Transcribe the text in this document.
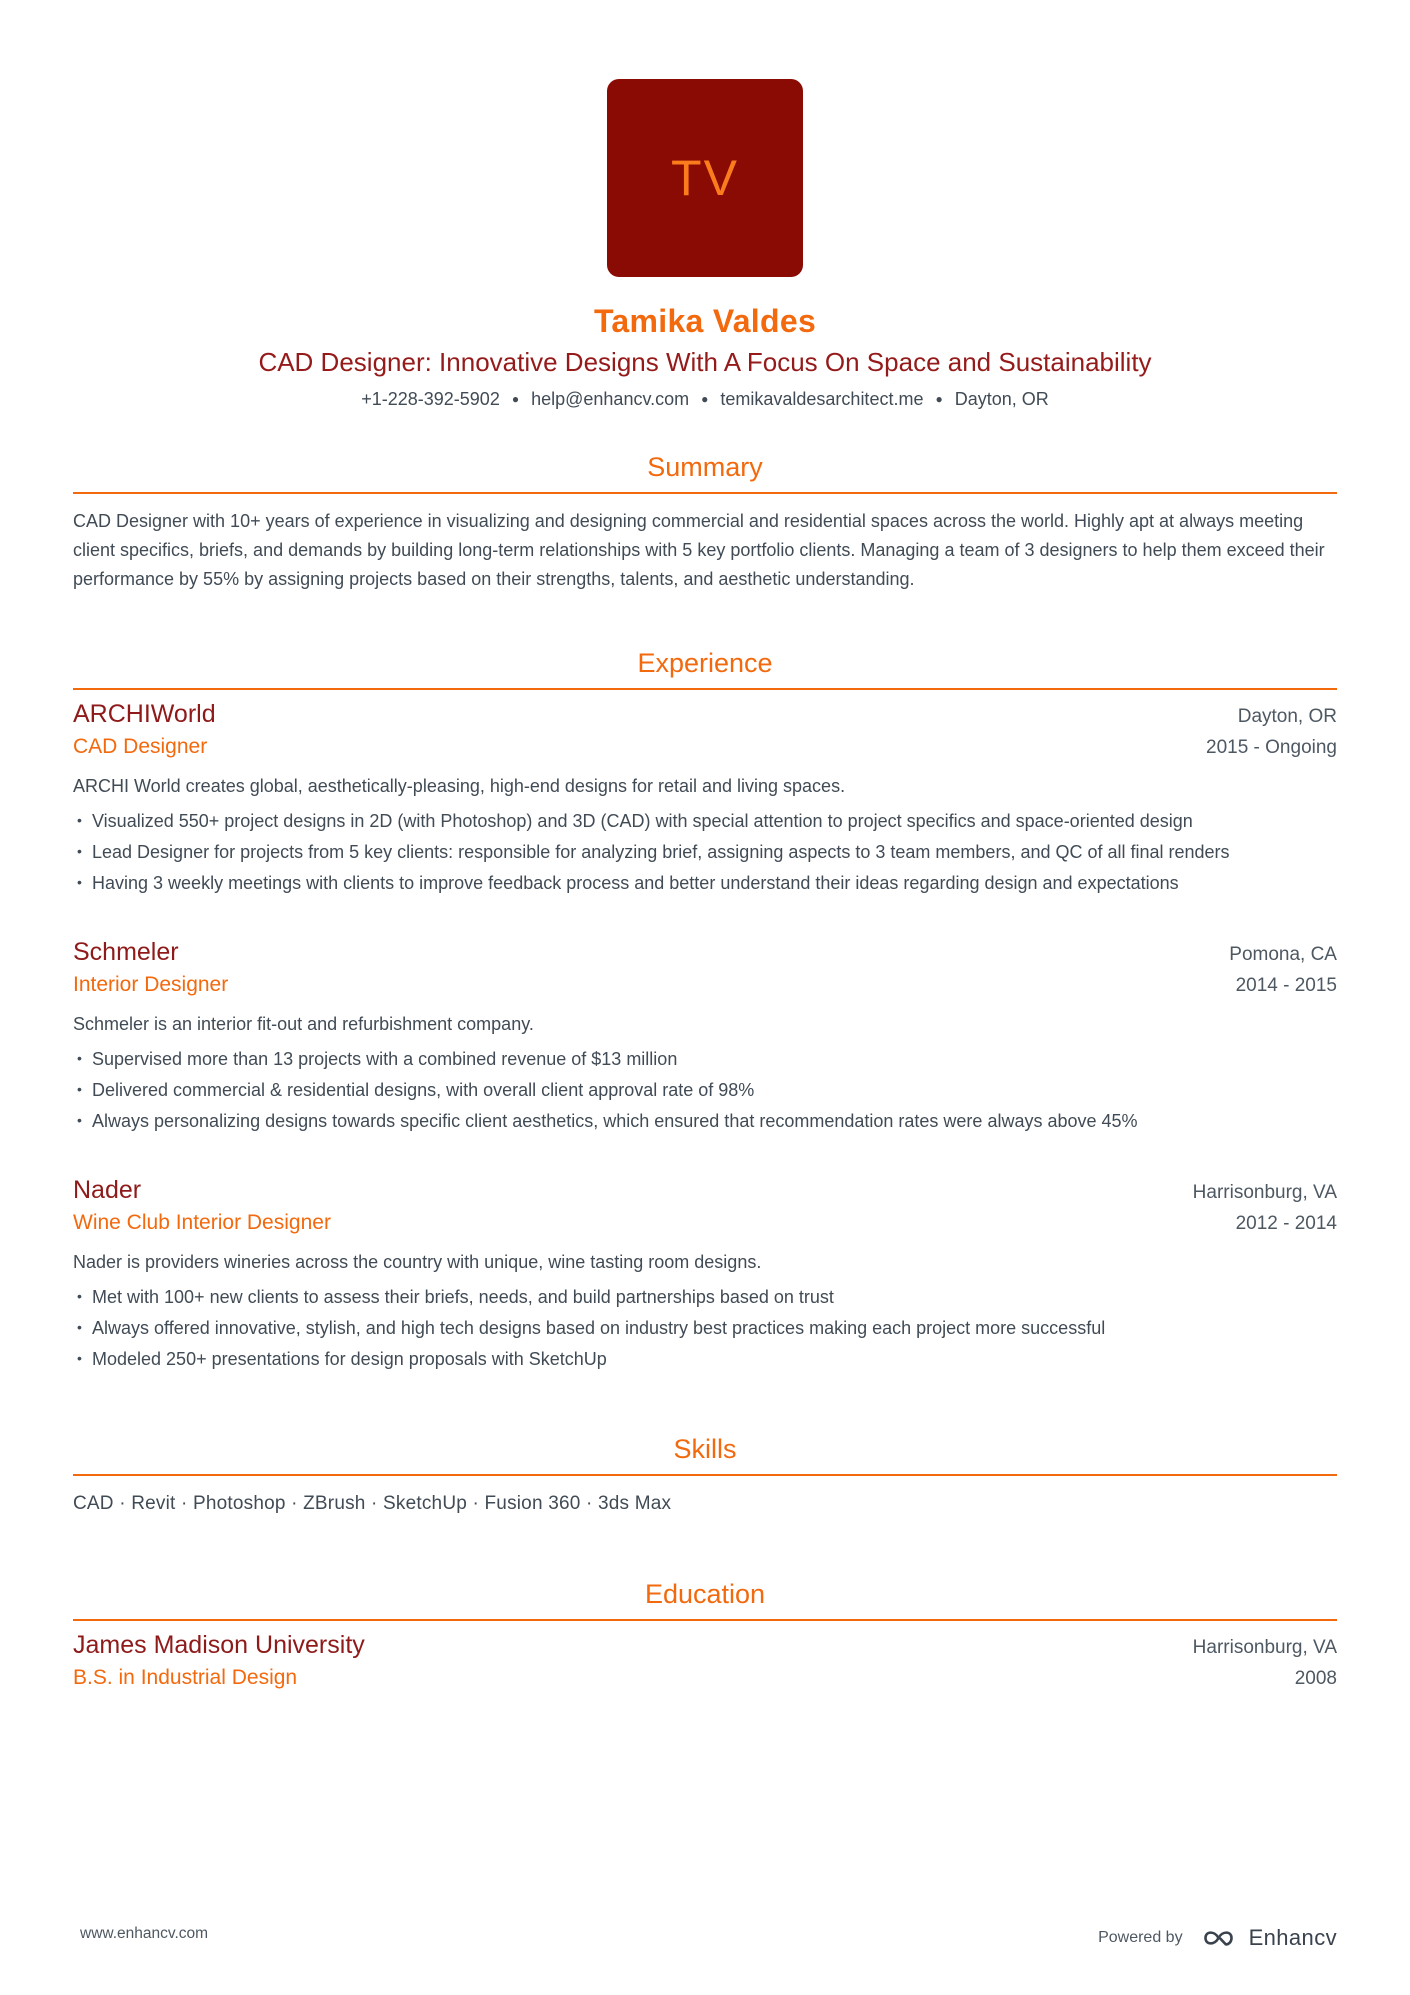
TV
Tamika Valdes
CAD Designer: Innovative Designs With A Focus On Space and Sustainability
+1-228-392-5902 ● help@enhancv.com ● temikavaldesarchitect.me ● Dayton, OR
Summary
CAD Designer with 10+ years of experience in visualizing and designing commercial and residential spaces across the world. Highly apt at always meeting client specifics, briefs, and demands by building long-term relationships with 5 key portfolio clients. Managing a team of 3 designers to help them exceed their performance by 55% by assigning projects based on their strengths, talents, and aesthetic understanding.
Experience
ARCHIWorld	Dayton, OR
CAD Designer	2015 - Ongoing
ARCHI World creates global, aesthetically-pleasing, high-end designs for retail and living spaces.
• Visualized 550+ project designs in 2D (with Photoshop) and 3D (CAD) with special attention to project specifics and space-oriented design
• Lead Designer for projects from 5 key clients: responsible for analyzing brief, assigning aspects to 3 team members, and QC of all final renders
• Having 3 weekly meetings with clients to improve feedback process and better understand their ideas regarding design and expectations
Schmeler	Pomona, CA
Interior Designer	2014 - 2015
Schmeler is an interior fit-out and refurbishment company.
• Supervised more than 13 projects with a combined revenue of $13 million
• Delivered commercial & residential designs, with overall client approval rate of 98%
• Always personalizing designs towards specific client aesthetics, which ensured that recommendation rates were always above 45%
Nader	Harrisonburg, VA
Wine Club Interior Designer	2012 - 2014
Nader is providers wineries across the country with unique, wine tasting room designs.
• Met with 100+ new clients to assess their briefs, needs, and build partnerships based on trust
• Always offered innovative, stylish, and high tech designs based on industry best practices making each project more successful
• Modeled 250+ presentations for design proposals with SketchUp
Skills
CAD · Revit · Photoshop · ZBrush · SketchUp · Fusion 360 · 3ds Max
Education
James Madison University	Harrisonburg, VA
B.S. in Industrial Design	2008
www.enhancv.com	Powered by	Enhancv
